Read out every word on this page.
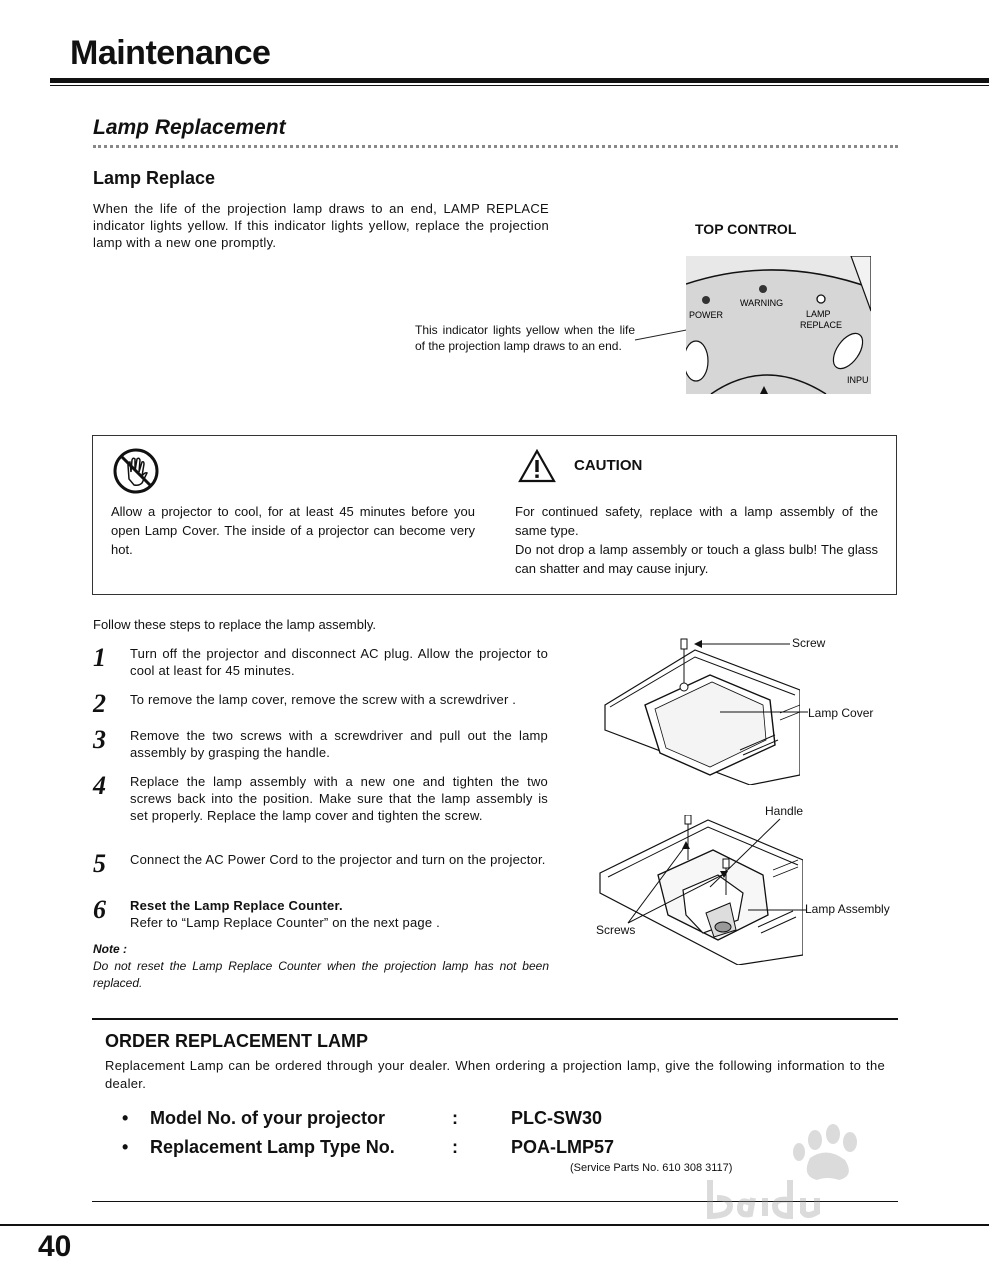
Maintenance
Lamp Replacement
Lamp Replace
When the life of the projection lamp draws to an end, LAMP REPLACE indicator lights yellow. If this indicator lights yellow, replace the projection lamp with a new one promptly.
TOP CONTROL
This indicator lights yellow when the life of the projection lamp draws to an end.
POWER
WARNING
LAMP
REPLACE
INPU
CAUTION
Allow a projector to cool, for at least 45 minutes before you open Lamp Cover. The inside of a projector can become very hot.
For continued safety, replace with a lamp assembly of the same type.
Do not drop a lamp assembly or touch a glass bulb! The glass can shatter and may cause injury.
Follow these steps to replace the lamp assembly.
1 Turn off the projector and disconnect AC plug. Allow the projector to cool at least for 45 minutes.
2 To remove the lamp cover, remove the screw with a screwdriver .
3 Remove the two screws with a screwdriver and pull out the lamp assembly by grasping the handle.
4 Replace the lamp assembly with a new one and tighten the two screws back into the position. Make sure that the lamp assembly is set properly. Replace the lamp cover and tighten the screw.
5 Connect the AC Power Cord to the projector and turn on the projector.
6 Reset the Lamp Replace Counter.
Refer to “Lamp Replace Counter” on the next page .
Note :
Do not reset the Lamp Replace Counter when the projection lamp has not been replaced.
Screw
Lamp Cover
Handle
Lamp Assembly
Screws
ORDER REPLACEMENT LAMP
Replacement Lamp can be ordered through your dealer. When ordering a projection lamp, give the following information to the dealer.
• Model No. of your projector	:	PLC-SW30
• Replacement Lamp Type No.	:	POA-LMP57
(Service Parts No. 610 308 3117)
40
